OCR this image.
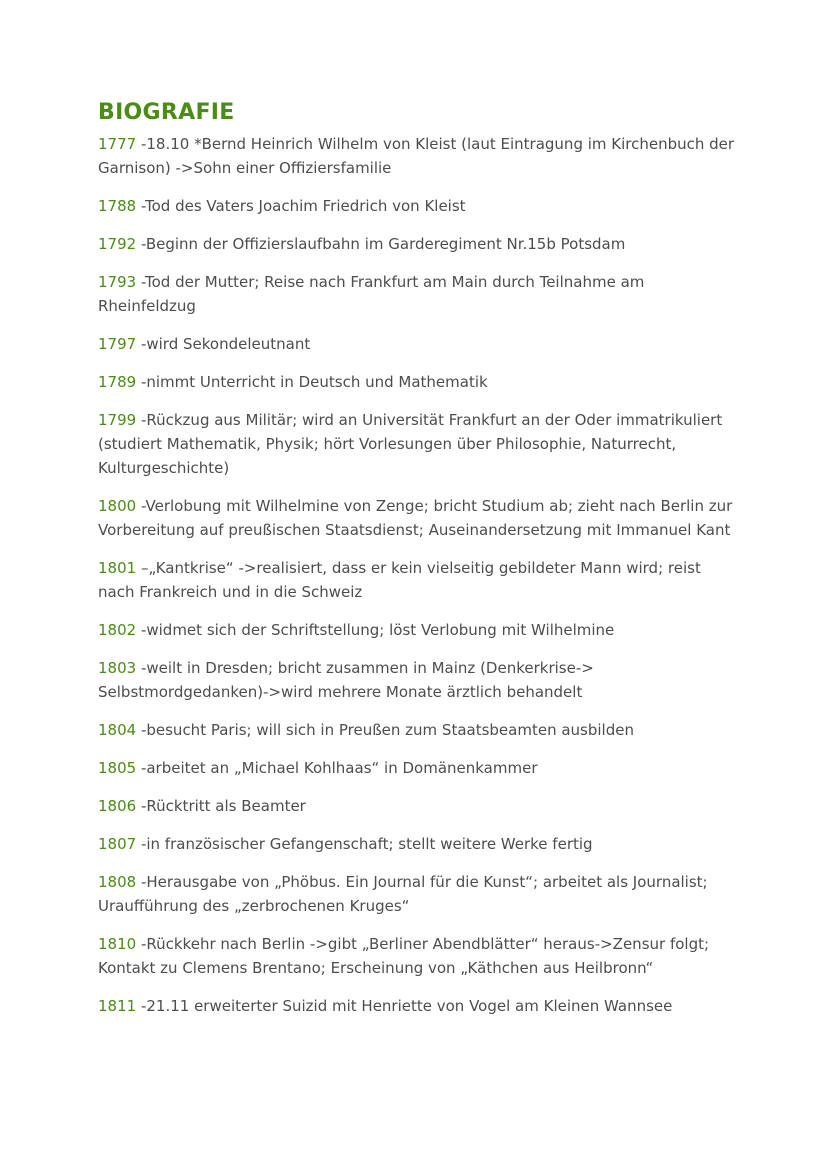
BIOGRAFIE

1777 -18.10 *Bernd Heinrich Wilhelm von Kleist (laut Eintragung im Kirchenbuch der Garnison) ->Sohn einer Offiziersfamilie

1788 -Tod des Vaters Joachim Friedrich von Kleist

1792 -Beginn der Offizierslaufbahn im Garderegiment Nr.15b Potsdam

1793 -Tod der Mutter; Reise nach Frankfurt am Main durch Teilnahme am Rheinfeldzug

1797 -wird Sekondeleutnant

1789 -nimmt Unterricht in Deutsch und Mathematik

1799 -Rückzug aus Militär; wird an Universität Frankfurt an der Oder immatrikuliert (studiert Mathematik, Physik; hört Vorlesungen über Philosophie, Naturrecht, Kulturgeschichte)

1800 -Verlobung mit Wilhelmine von Zenge; bricht Studium ab; zieht nach Berlin zur Vorbereitung auf preußischen Staatsdienst; Auseinandersetzung mit Immanuel Kant

1801 –„Kantkrise“ ->realisiert, dass er kein vielseitig gebildeter Mann wird; reist nach Frankreich und in die Schweiz

1802 -widmet sich der Schriftstellung; löst Verlobung mit Wilhelmine

1803 -weilt in Dresden; bricht zusammen in Mainz (Denkerkrise-> Selbstmordgedanken)->wird mehrere Monate ärztlich behandelt

1804 -besucht Paris; will sich in Preußen zum Staatsbeamten ausbilden

1805 -arbeitet an „Michael Kohlhaas“ in Domänenkammer

1806 -Rücktritt als Beamter

1807 -in französischer Gefangenschaft; stellt weitere Werke fertig

1808 -Herausgabe von „Phöbus. Ein Journal für die Kunst“; arbeitet als Journalist; Uraufführung des „zerbrochenen Kruges“

1810 -Rückkehr nach Berlin ->gibt „Berliner Abendblätter“ heraus->Zensur folgt; Kontakt zu Clemens Brentano; Erscheinung von „Käthchen aus Heilbronn“

1811 -21.11 erweiterter Suizid mit Henriette von Vogel am Kleinen Wannsee
